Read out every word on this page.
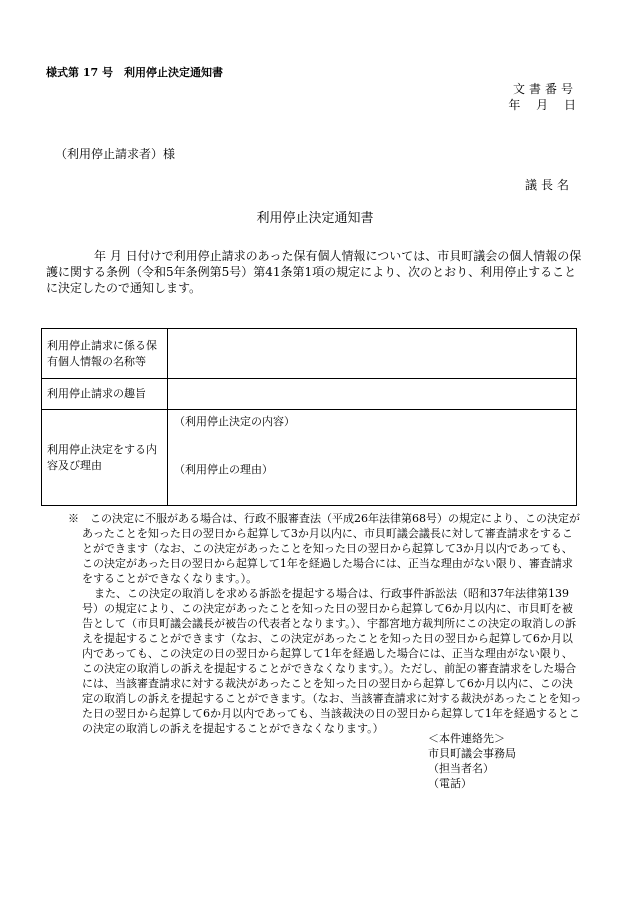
様式第 17 号　利用停止決定通知書
文書番号
年 月 日
（利用停止請求者）様
議長名
利用停止決定通知書
年 月 日付けで利用停止請求のあった保有個人情報については、市貝町議会の個人情報の保護に関する条例（令和5年条例第5号）第41条第1項の規定により、次のとおり、利用停止することに決定したので通知します。
利用停止請求に係る保有個人情報の名称等	
利用停止請求の趣旨	
利用停止決定をする内容及び理由	（利用停止決定の内容）
（利用停止の理由）

※　この決定に不服がある場合は、行政不服審査法（平成26年法律第68号）の規定により、この決定があったことを知った日の翌日から起算して3か月以内に、市貝町議会議長に対して審査請求をすることができます（なお、この決定があったことを知った日の翌日から起算して3か月以内であっても、この決定があった日の翌日から起算して1年を経過した場合には、正当な理由がない限り、審査請求をすることができなくなります。）。

また、この決定の取消しを求める訴訟を提起する場合は、行政事件訴訟法（昭和37年法律第139号）の規定により、この決定があったことを知った日の翌日から起算して6か月以内に、市貝町を被告として（市貝町議会議長が被告の代表者となります。）、宇都宮地方裁判所にこの決定の取消しの訴えを提起することができます（なお、この決定があったことを知った日の翌日から起算して6か月以内であっても、この決定の日の翌日から起算して1年を経過した場合には、正当な理由がない限り、この決定の取消しの訴えを提起することができなくなります。）。ただし、前記の審査請求をした場合には、当該審査請求に対する裁決があったことを知った日の翌日から起算して6か月以内に、この決定の取消しの訴えを提起することができます。（なお、当該審査請求に対する裁決があったことを知った日の翌日から起算して6か月以内であっても、当該裁決の日の翌日から起算して1年を経過するとこの決定の取消しの訴えを提起することができなくなります。）

＜本件連絡先＞
市貝町議会事務局
（担当者名）
（電話）
